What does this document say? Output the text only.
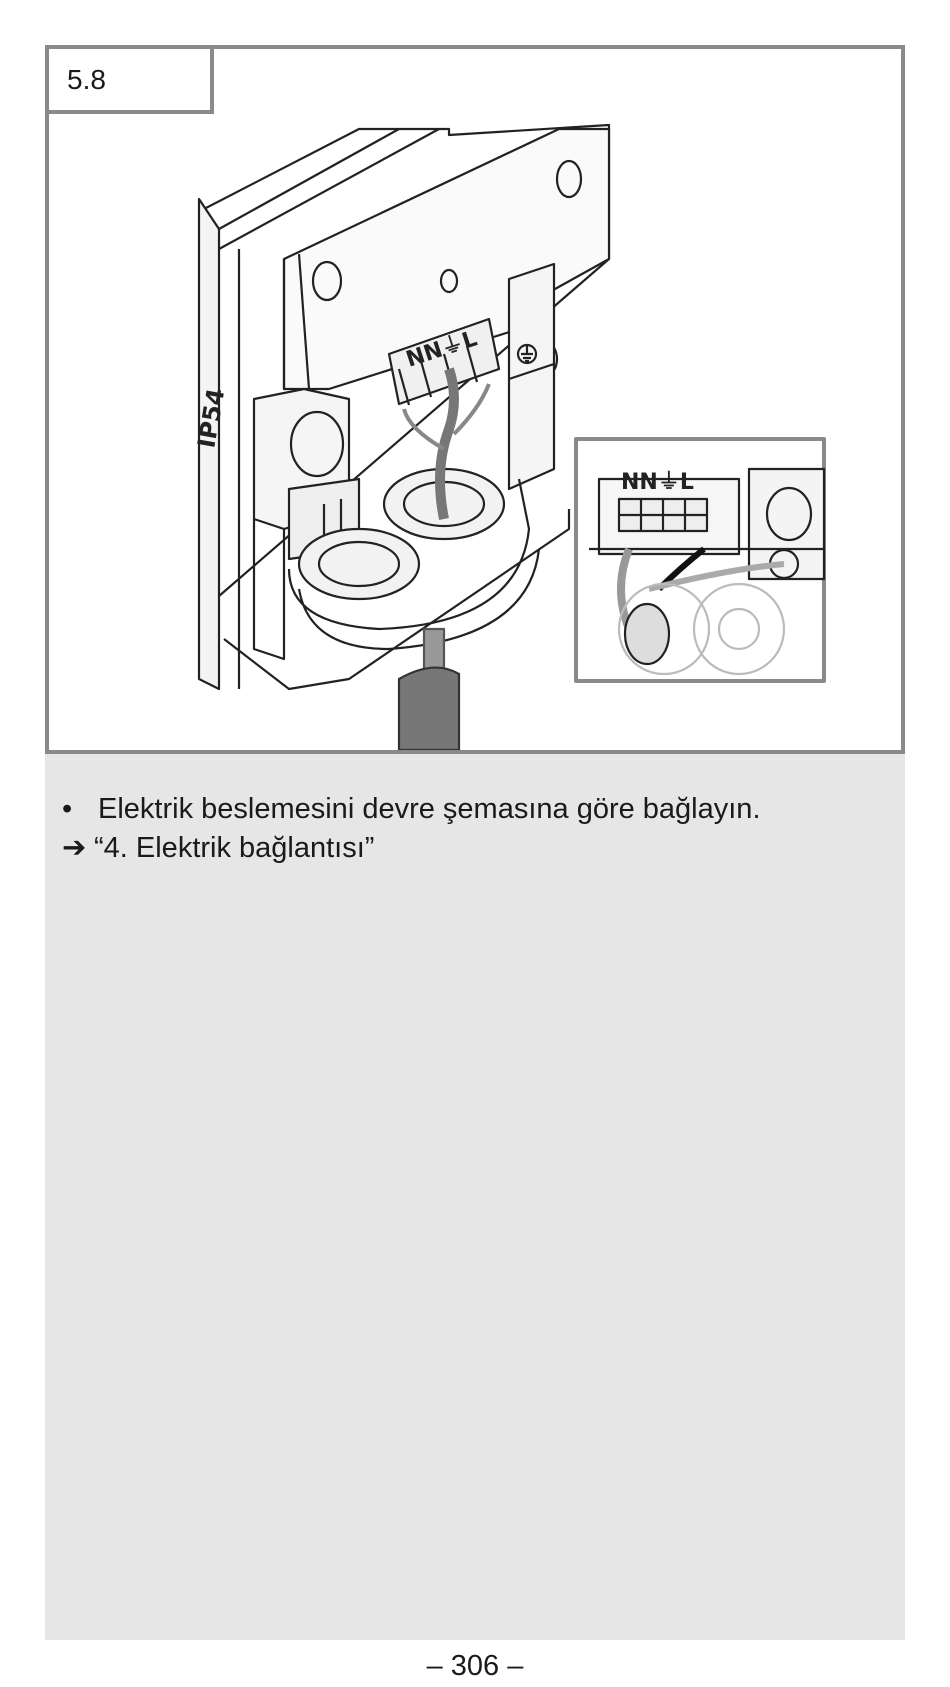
NN⏚L
IP54
NN⏚L
5.8
• Elektrik beslemesini devre şemasına göre bağlayın.
➔ “4. Elektrik bağlantısı”
– 306 –
